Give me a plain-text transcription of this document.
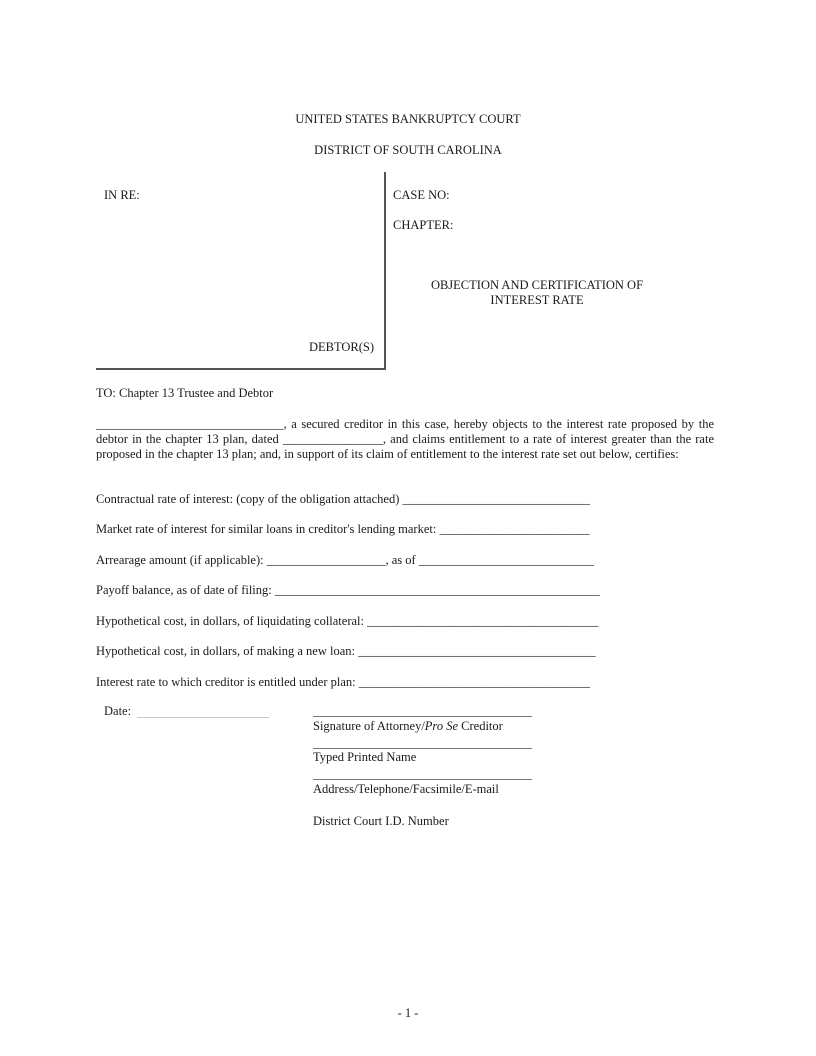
UNITED STATES BANKRUPTCY COURT
DISTRICT OF SOUTH CAROLINA
IN RE:	CASE NO:
CHAPTER:
OBJECTION AND CERTIFICATION OF
INTEREST RATE
DEBTOR(S)
TO: Chapter 13 Trustee and Debtor
______________________________, a secured creditor in this case, hereby objects to the interest rate proposed by the debtor in the chapter 13 plan, dated ________________, and claims entitlement to a rate of interest greater than the rate proposed in the chapter 13 plan; and, in support of its claim of entitlement to the interest rate set out below, certifies:
Contractual rate of interest: (copy of the obligation attached) ______________________________
Market rate of interest for similar loans in creditor's lending market: ________________________
Arrearage amount (if applicable): ___________________, as of ____________________________
Payoff balance, as of date of filing: ____________________________________________________
Hypothetical cost, in dollars, of liquidating collateral: _____________________________________
Hypothetical cost, in dollars, of making a new loan: ______________________________________
Interest rate to which creditor is entitled under plan: _____________________________________
Date:
Signature of Attorney/Pro Se Creditor
Typed Printed Name
Address/Telephone/Facsimile/E-mail
District Court I.D. Number
- 1 -
